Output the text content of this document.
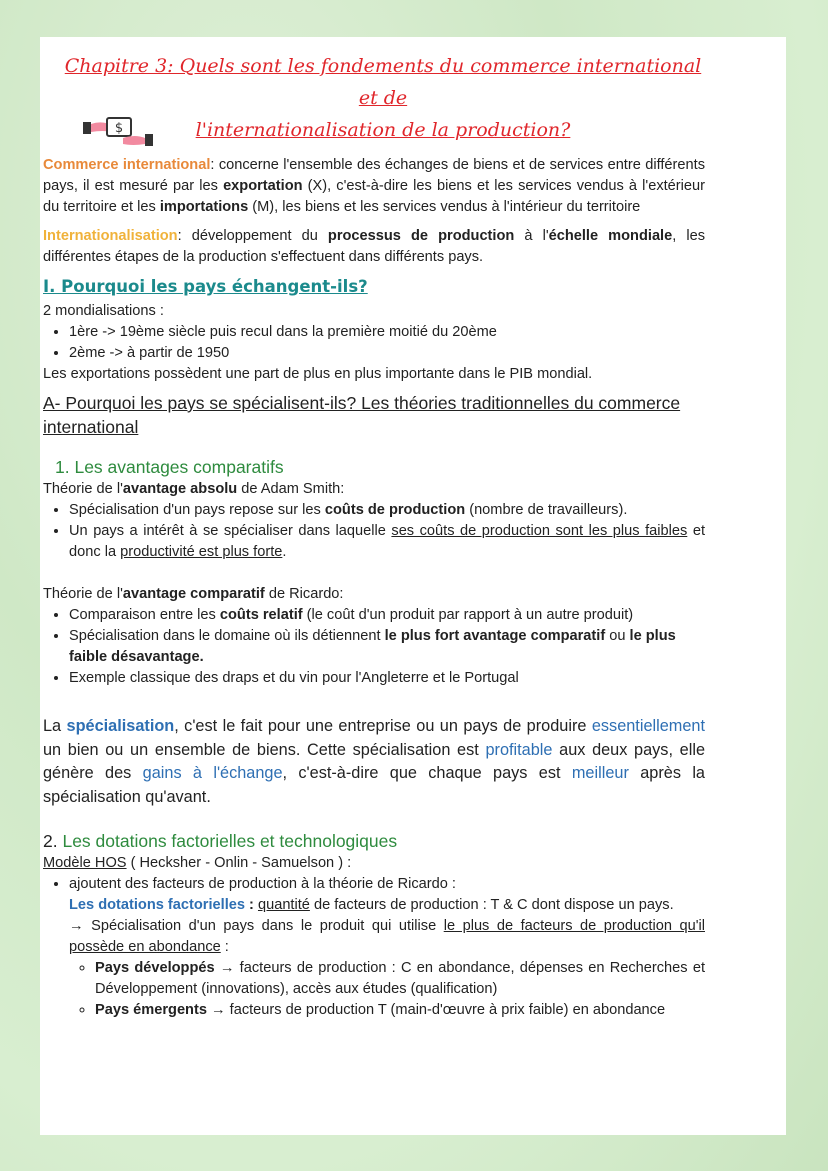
Chapitre 3: Quels sont les fondements du commerce international et de
l'internationalisation de la production?
$

Commerce international: concerne l'ensemble des échanges de biens et de services entre différents pays, il est mesuré par les exportation (X), c'est-à-dire les biens et les services vendus à l'extérieur du territoire et les importations (M), les biens et les services vendus à l'intérieur du territoire

Internationalisation: développement du processus de production à l'échelle mondiale, les différentes étapes de la production s'effectuent dans différents pays.

I. Pourquoi les pays échangent-ils?

2 mondialisations :

• 1ère -> 19ème siècle puis recul dans la première moitié du 20ème
• 2ème -> à partir de 1950

Les exportations possèdent une part de plus en plus importante dans le PIB mondial.

A- Pourquoi les pays se spécialisent-ils? Les théories traditionnelles du commerce international

1. Les avantages comparatifs

Théorie de l'avantage absolu de Adam Smith:

• Spécialisation d'un pays repose sur les coûts de production (nombre de travailleurs).
• Un pays a intérêt à se spécialiser dans laquelle ses coûts de production sont les plus faibles et donc la productivité est plus forte.

Théorie de l'avantage comparatif de Ricardo:

• Comparaison entre les coûts relatif (le coût d'un produit par rapport à un autre produit)
• Spécialisation dans le domaine où ils détiennent le plus fort avantage comparatif ou le plus faible désavantage.
• Exemple classique des draps et du vin pour l'Angleterre et le Portugal

La spécialisation, c'est le fait pour une entreprise ou un pays de produire essentiellement un bien ou un ensemble de biens. Cette spécialisation est profitable aux deux pays, elle génère des gains à l'échange, c'est-à-dire que chaque pays est meilleur après la spécialisation qu'avant.

2. Les dotations factorielles et technologiques

Modèle HOS ( Hecksher - Onlin - Samuelson ) :

• ajoutent des facteurs de production à la théorie de Ricardo :

Les dotations factorielles : quantité de facteurs de production : T & C dont dispose un pays.

→ Spécialisation d'un pays dans le produit qui utilise le plus de facteurs de production qu'il possède en abondance :

◦ Pays développés → facteurs de production : C en abondance, dépenses en Recherches et Développement (innovations), accès aux études (qualification)
◦ Pays émergents → facteurs de production T (main-d'œuvre à prix faible) en abondance
